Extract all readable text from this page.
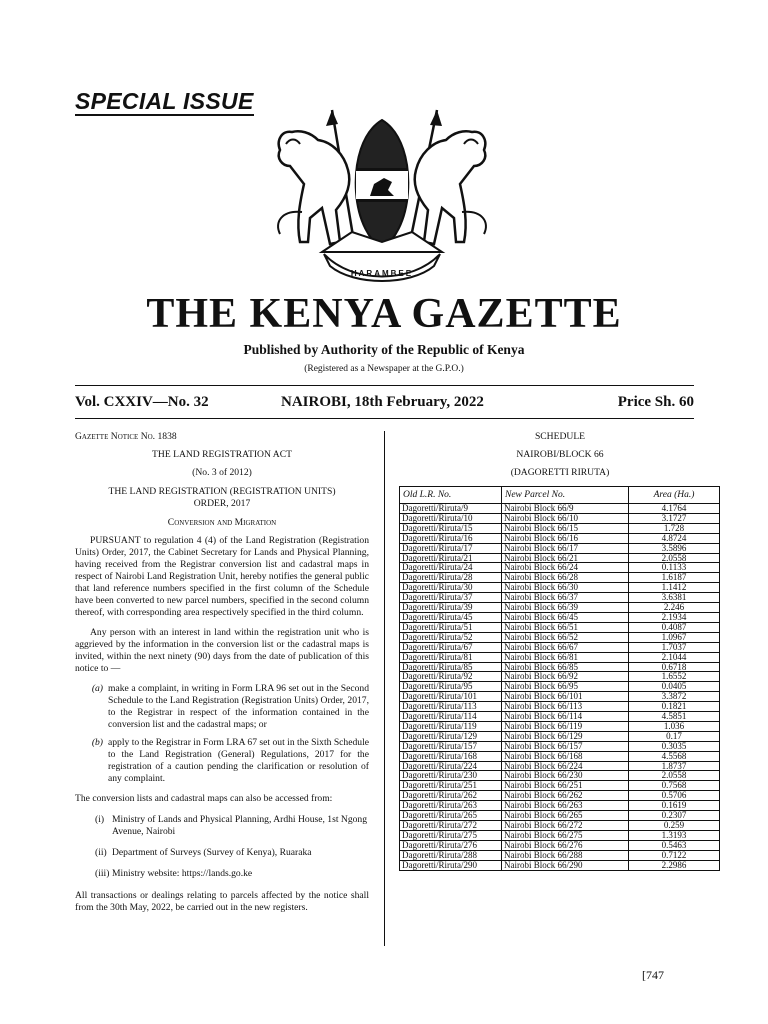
SPECIAL ISSUE
HARAMBEE
THE KENYA GAZETTE
Published by Authority of the Republic of Kenya
(Registered as a Newspaper at the G.P.O.)
Vol. CXXIV—No. 32	NAIROBI, 18th February, 2022	Price Sh. 60

Gazette Notice No. 1838

THE LAND REGISTRATION ACT

(No. 3 of 2012)

THE LAND REGISTRATION (REGISTRATION UNITS) ORDER, 2017

Conversion and Migration

PURSUANT to regulation 4 (4) of the Land Registration (Registration Units) Order, 2017, the Cabinet Secretary for Lands and Physical Planning, having received from the Registrar conversion list and cadastral maps in respect of Nairobi Land Registration Unit, hereby notifies the general public that land reference numbers specified in the first column of the Schedule have been converted to new parcel numbers, specified in the second column thereof, with corresponding area respectively specified in the third column.

Any person with an interest in land within the registration unit who is aggrieved by the information in the conversion list or the cadastral maps is invited, within the next ninety (90) days from the date of publication of this notice to —

(a) make a complaint, in writing in Form LRA 96 set out in the Second Schedule to the Land Registration (Registration Units) Order, 2017, to the Registrar in respect of the information contained in the conversion list and the cadastral maps; or
(b) apply to the Registrar in Form LRA 67 set out in the Sixth Schedule to the Land Registration (General) Regulations, 2017 for the registration of a caution pending the clarification or resolution of any complaint.

The conversion lists and cadastral maps can also be accessed from:

(i) Ministry of Lands and Physical Planning, Ardhi House, 1st Ngong Avenue, Nairobi
(ii) Department of Surveys (Survey of Kenya), Ruaraka
(iii) Ministry website: https://lands.go.ke

All transactions or dealings relating to parcels affected by the notice shall from the 30th May, 2022, be carried out in the new registers.

SCHEDULE
NAIROBI/BLOCK 66
(DAGORETTI RIRUTA)
Old L.R. No.	New Parcel No.	Area (Ha.)
Dagoretti/Riruta/9	Nairobi Block 66/9	4.1764
Dagoretti/Riruta/10	Nairobi Block 66/10	3.1727
Dagoretti/Riruta/15	Nairobi Block 66/15	1.728
Dagoretti/Riruta/16	Nairobi Block 66/16	4.8724
Dagoretti/Riruta/17	Nairobi Block 66/17	3.5896
Dagoretti/Riruta/21	Nairobi Block 66/21	2.0558
Dagoretti/Riruta/24	Nairobi Block 66/24	0.1133
Dagoretti/Riruta/28	Nairobi Block 66/28	1.6187
Dagoretti/Riruta/30	Nairobi Block 66/30	1.1412
Dagoretti/Riruta/37	Nairobi Block 66/37	3.6381
Dagoretti/Riruta/39	Nairobi Block 66/39	2.246
Dagoretti/Riruta/45	Nairobi Block 66/45	2.1934
Dagoretti/Riruta/51	Nairobi Block 66/51	0.4087
Dagoretti/Riruta/52	Nairobi Block 66/52	1.0967
Dagoretti/Riruta/67	Nairobi Block 66/67	1.7037
Dagoretti/Riruta/81	Nairobi Block 66/81	2.1044
Dagoretti/Riruta/85	Nairobi Block 66/85	0.6718
Dagoretti/Riruta/92	Nairobi Block 66/92	1.6552
Dagoretti/Riruta/95	Nairobi Block 66/95	0.0405
Dagoretti/Riruta/101	Nairobi Block 66/101	3.3872
Dagoretti/Riruta/113	Nairobi Block 66/113	0.1821
Dagoretti/Riruta/114	Nairobi Block 66/114	4.5851
Dagoretti/Riruta/119	Nairobi Block 66/119	1.036
Dagoretti/Riruta/129	Nairobi Block 66/129	0.17
Dagoretti/Riruta/157	Nairobi Block 66/157	0.3035
Dagoretti/Riruta/168	Nairobi Block 66/168	4.5568
Dagoretti/Riruta/224	Nairobi Block 66/224	1.8737
Dagoretti/Riruta/230	Nairobi Block 66/230	2.0558
Dagoretti/Riruta/251	Nairobi Block 66/251	0.7568
Dagoretti/Riruta/262	Nairobi Block 66/262	0.5706
Dagoretti/Riruta/263	Nairobi Block 66/263	0.1619
Dagoretti/Riruta/265	Nairobi Block 66/265	0.2307
Dagoretti/Riruta/272	Nairobi Block 66/272	0.259
Dagoretti/Riruta/275	Nairobi Block 66/275	1.3193
Dagoretti/Riruta/276	Nairobi Block 66/276	0.5463
Dagoretti/Riruta/288	Nairobi Block 66/288	0.7122
Dagoretti/Riruta/290	Nairobi Block 66/290	2.2986
[747
